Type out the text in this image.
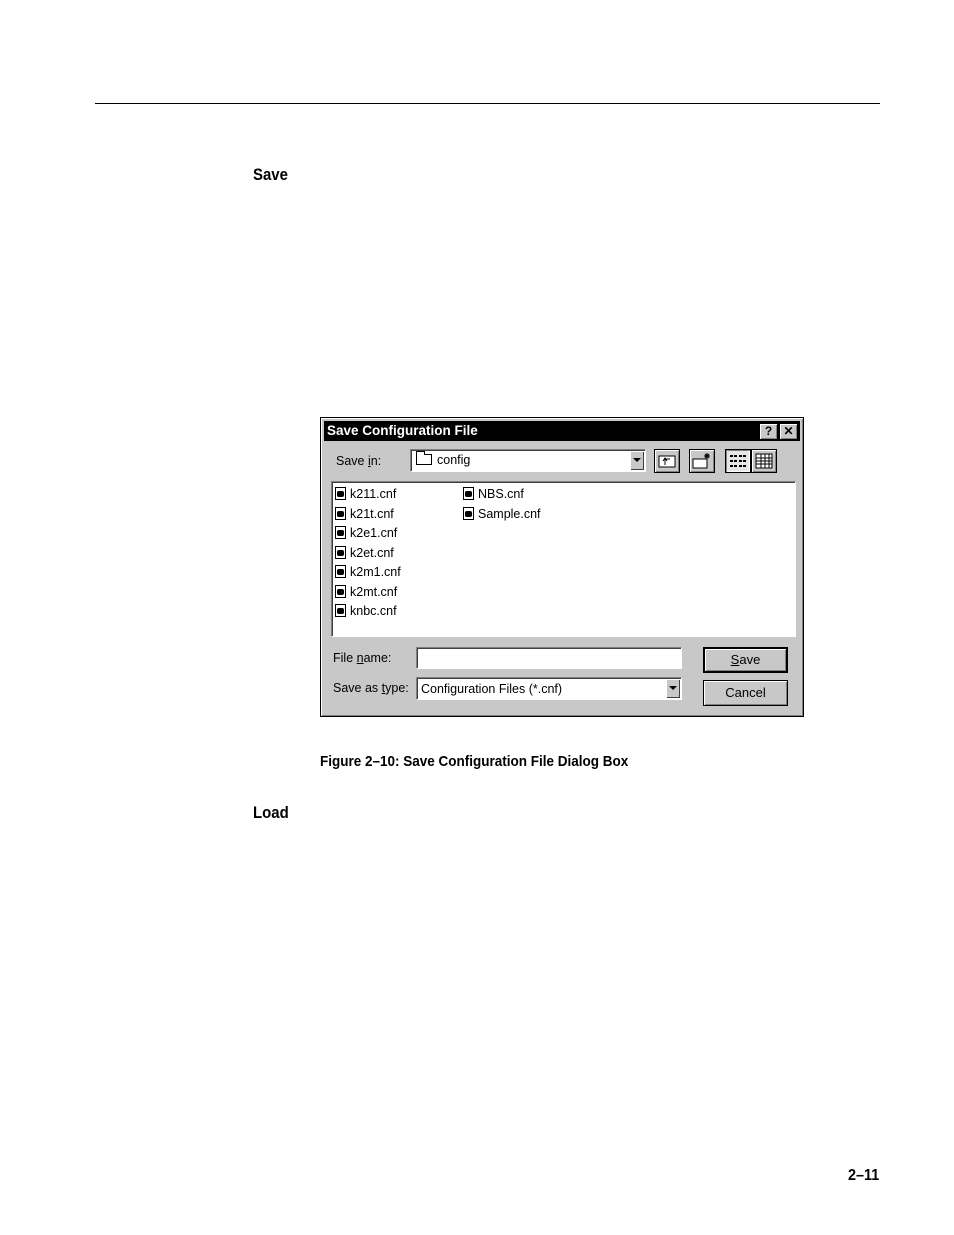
Save
Save Configuration File	? ✕
Save in:	config
k211.cnf
k21t.cnf
k2e1.cnf
k2et.cnf
k2m1.cnf
k2mt.cnf
knbc.cnf
NBS.cnf
Sample.cnf
File name:
Save as type: Configuration Files (*.cnf)
Save
Cancel
Figure 2–10: Save Configuration File Dialog Box
Load
2–11
